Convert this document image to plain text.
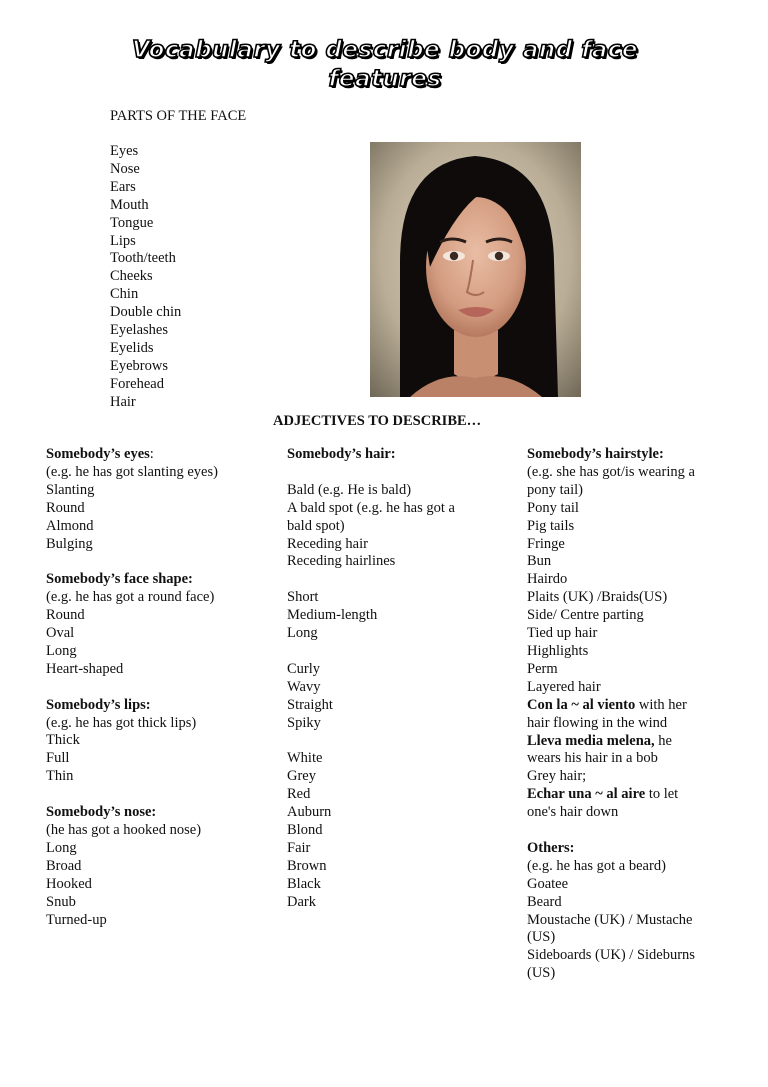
Vocabulary to describe body and face
features
PARTS OF THE FACE
Eyes
Nose
Ears
Mouth
Tongue
Lips
Tooth/teeth
Cheeks
Chin
Double chin
Eyelashes
Eyelids
Eyebrows
Forehead
Hair
ADJECTIVES TO DESCRIBE…
Somebody’s eyes:
(e.g. he has got slanting eyes)
Slanting
Round
Almond
Bulging
Somebody’s face shape:
(e.g. he has got a round face)
Round
Oval
Long
Heart-shaped
Somebody’s lips:
(e.g. he has got thick lips)
Thick
Full
Thin
Somebody’s nose:
(he has got a hooked nose)
Long
Broad
Hooked
Snub
Turned-up
Somebody’s hair:
Bald (e.g. He is bald)
A bald spot (e.g. he has got a
bald spot)
Receding hair
Receding hairlines
Short
Medium-length
Long
Curly
Wavy
Straight
Spiky
White
Grey
Red
Auburn
Blond
Fair
Brown
Black
Dark
Somebody’s hairstyle:
(e.g. she has got/is wearing a
pony tail)
Pony tail
Pig tails
Fringe
Bun
Hairdo
Plaits (UK) /Braids(US)
Side/ Centre parting
Tied up hair
Highlights
Perm
Layered hair
Con la ~ al viento with her
hair flowing in the wind
Lleva media melena, he
wears his hair in a bob
Grey hair;
Echar una ~ al aire to let
one's hair down
Others:
(e.g. he has got a beard)
Goatee
Beard
Moustache (UK) / Mustache
(US)
Sideboards (UK) / Sideburns
(US)
